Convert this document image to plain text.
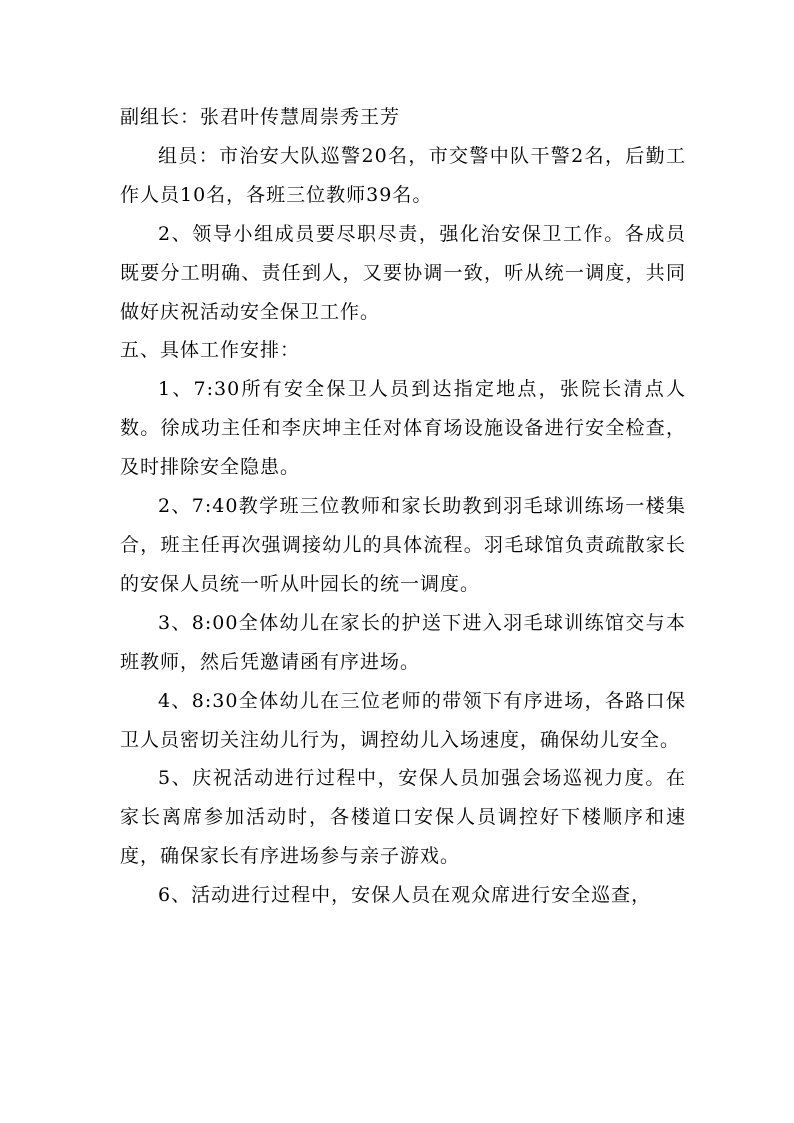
副组长：张君叶传慧周崇秀王芳

组员：市治安大队巡警20名，市交警中队干警2名，后勤工作人员10名，各班三位教师39名。

2、领导小组成员要尽职尽责，强化治安保卫工作。各成员既要分工明确、责任到人，又要协调一致，听从统一调度，共同做好庆祝活动安全保卫工作。

五、具体工作安排：

1、7:30所有安全保卫人员到达指定地点，张院长清点人数。徐成功主任和李庆坤主任对体育场设施设备进行安全检查，及时排除安全隐患。

2、7:40教学班三位教师和家长助教到羽毛球训练场一楼集合，班主任再次强调接幼儿的具体流程。羽毛球馆负责疏散家长的安保人员统一听从叶园长的统一调度。

3、8:00全体幼儿在家长的护送下进入羽毛球训练馆交与本班教师，然后凭邀请函有序进场。

4、8:30全体幼儿在三位老师的带领下有序进场，各路口保卫人员密切关注幼儿行为，调控幼儿入场速度，确保幼儿安全。

5、庆祝活动进行过程中，安保人员加强会场巡视力度。在家长离席参加活动时，各楼道口安保人员调控好下楼顺序和速度，确保家长有序进场参与亲子游戏。

6、活动进行过程中，安保人员在观众席进行安全巡查，
